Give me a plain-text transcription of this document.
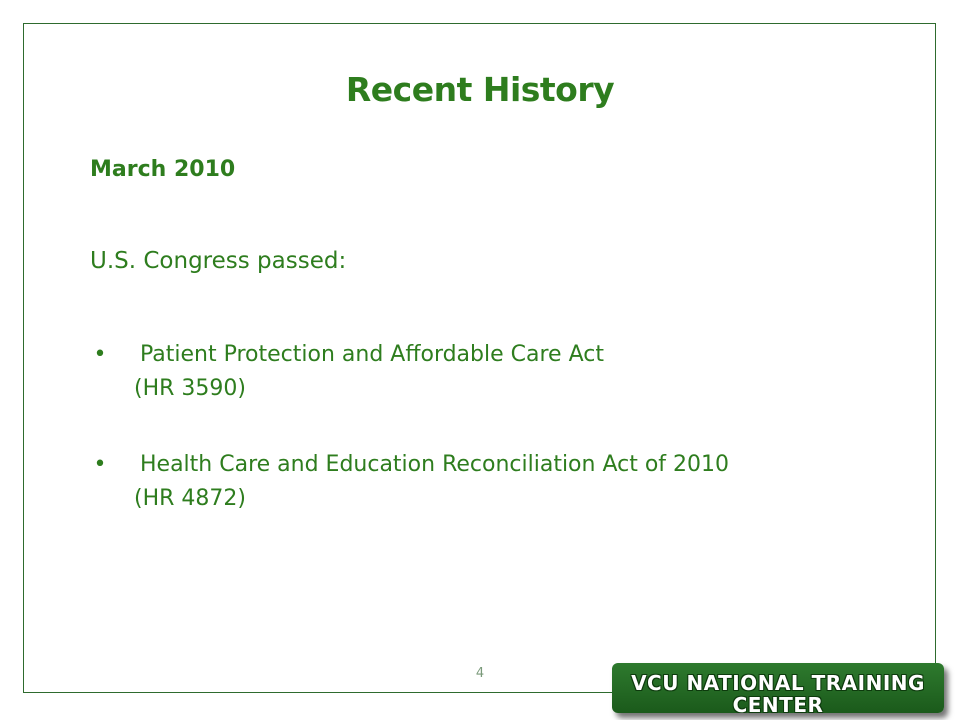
Recent History
March 2010
U.S. Congress passed:
• Patient Protection and Affordable Care Act
(HR 3590)
• Health Care and Education Reconciliation Act of 2010
(HR 4872)
4	VCU NATIONAL TRAINING CENTER
